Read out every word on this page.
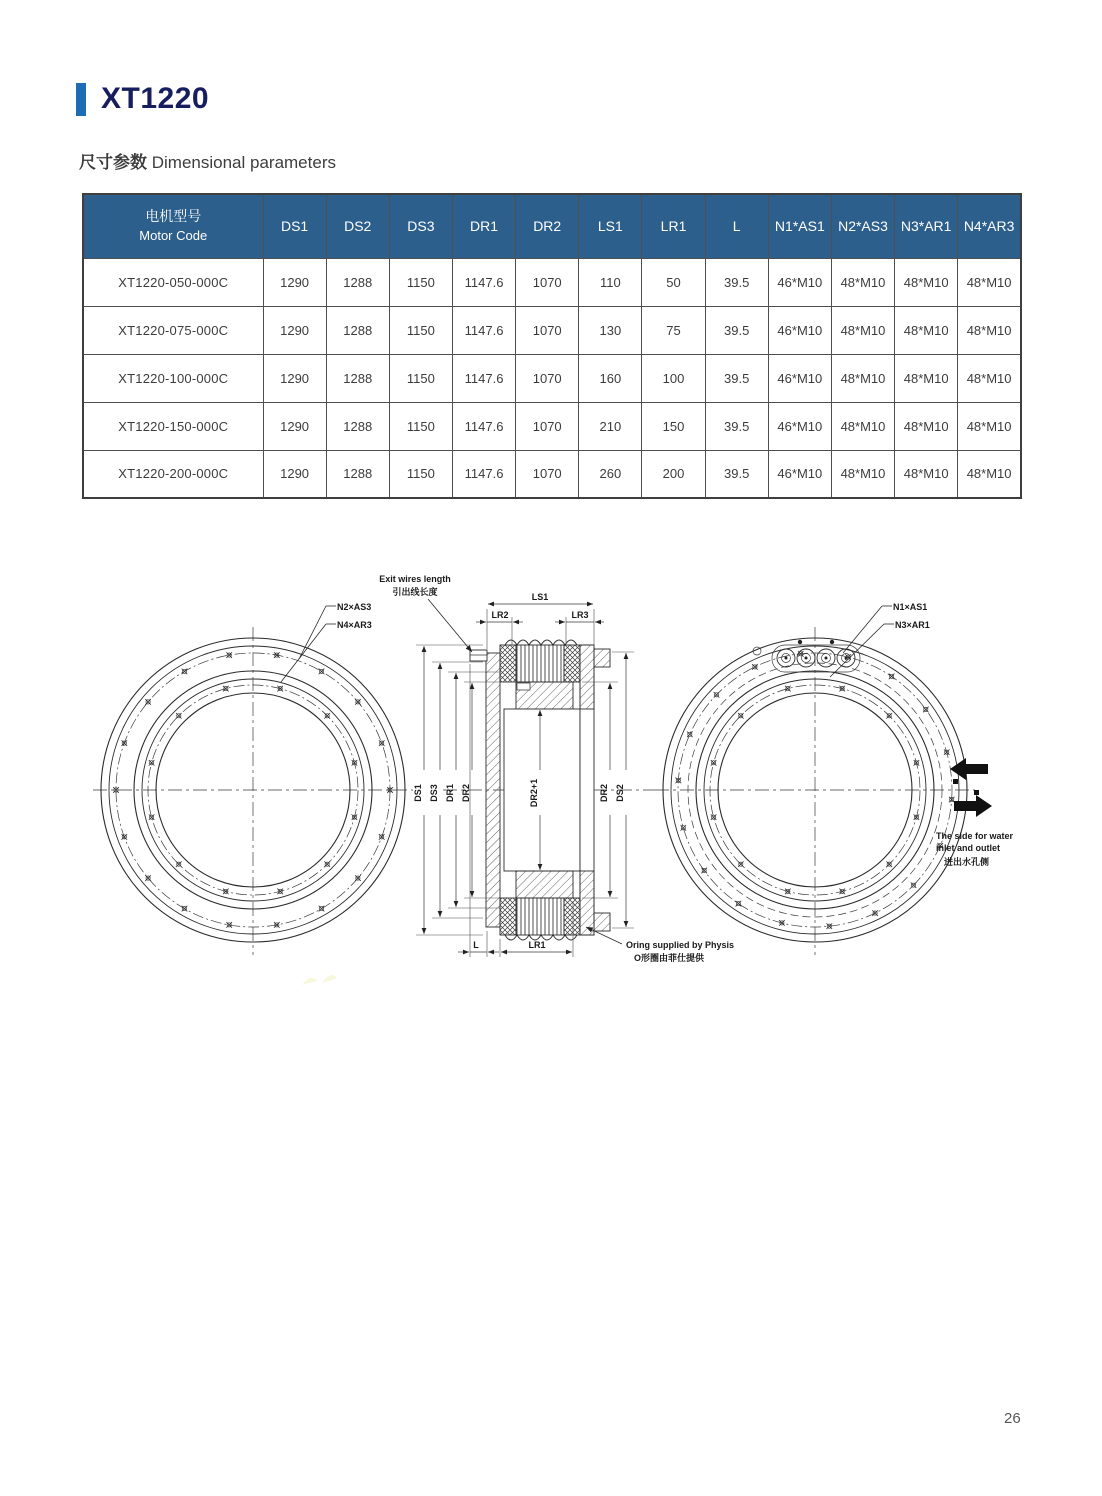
XT1220
尺寸参数 Dimensional parameters
电机型号
Motor Code	DS1	DS2	DS3	DR1	DR2	LS1	LR1	L	N1*AS1	N2*AS3	N3*AR1	N4*AR3
XT1220-050-000C	1290	1288	1150	1147.6	1070	110	50	39.5	46*M10	48*M10	48*M10	48*M10
XT1220-075-000C	1290	1288	1150	1147.6	1070	130	75	39.5	46*M10	48*M10	48*M10	48*M10
XT1220-100-000C	1290	1288	1150	1147.6	1070	160	100	39.5	46*M10	48*M10	48*M10	48*M10
XT1220-150-000C	1290	1288	1150	1147.6	1070	210	150	39.5	46*M10	48*M10	48*M10	48*M10
XT1220-200-000C	1290	1288	1150	1147.6	1070	260	200	39.5	46*M10	48*M10	48*M10	48*M10
N2×AS3
N4×AR3
LS1
LR2	LR3
L	LR1
DS1 DS3 DR1 DR2	DR2+1	DR2 DS2
Exit wires length
引出线长度
Oring supplied by Physis
O形圈由菲仕提供
N1×AS1
N3×AR1
The side for water
inlet and outlet
进出水孔侧
26
